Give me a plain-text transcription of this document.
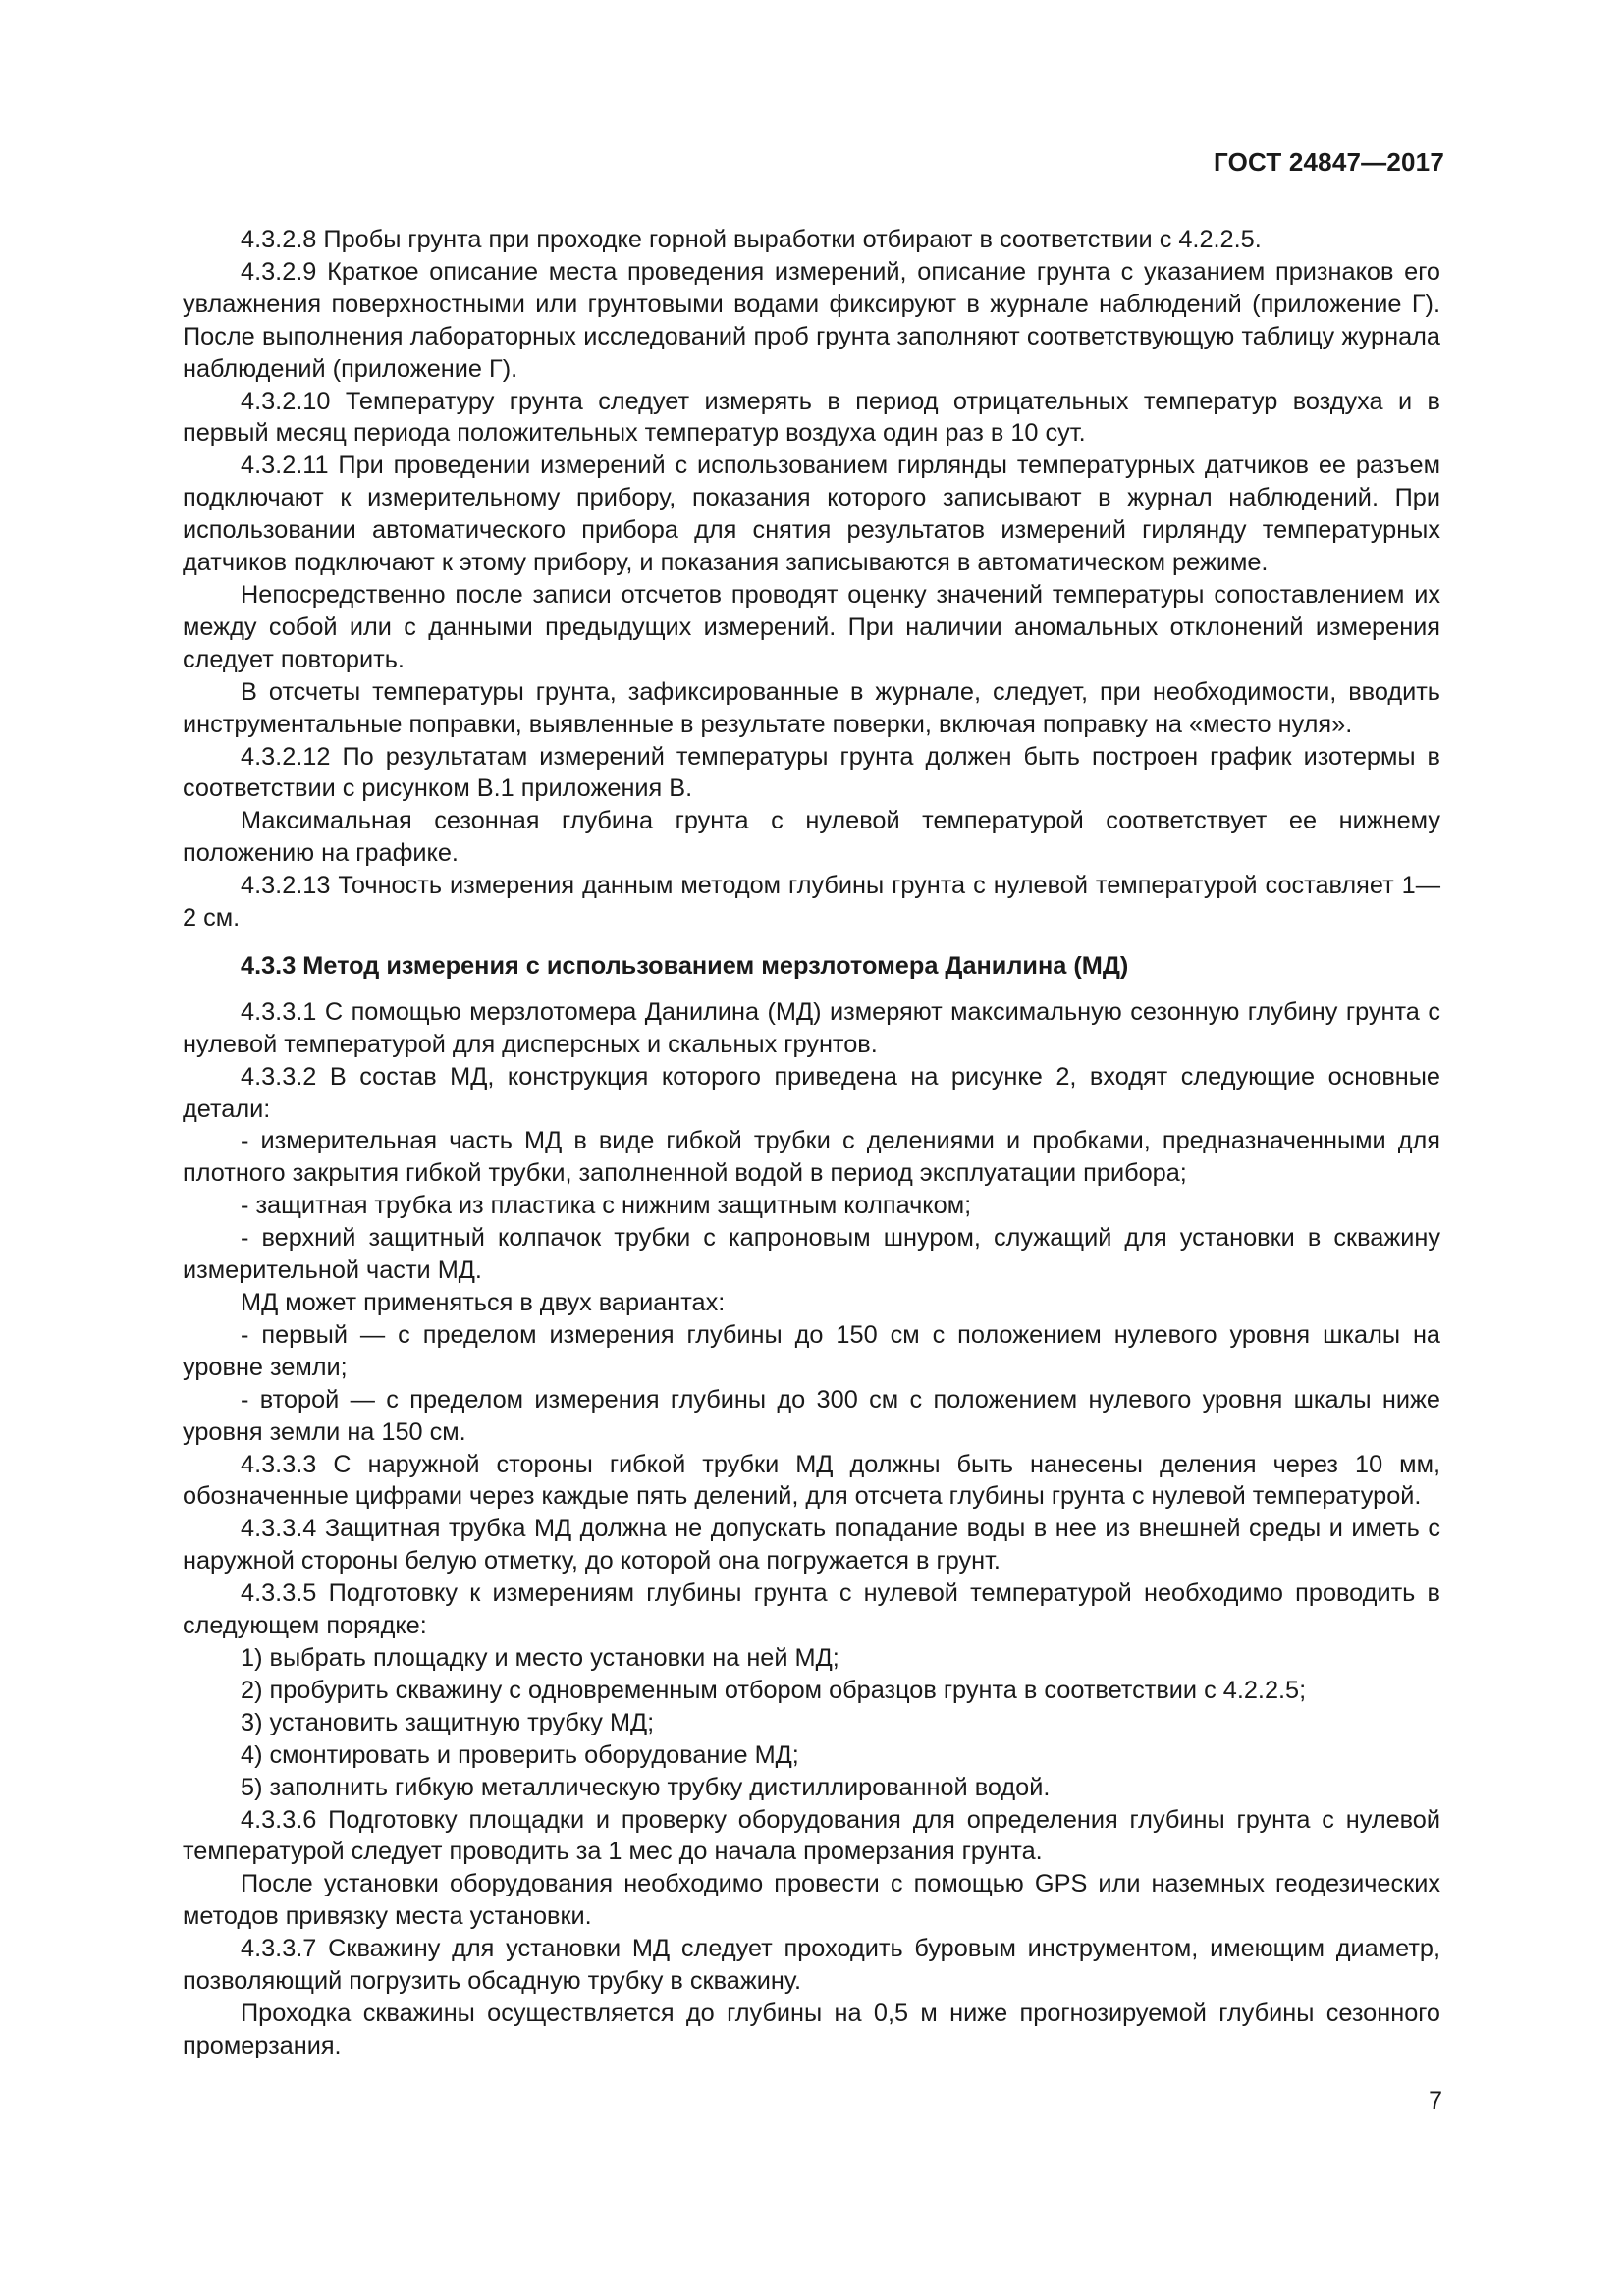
ГОСТ 24847—2017

4.3.2.8 Пробы грунта при проходке горной выработки отбирают в соответствии с 4.2.2.5.

4.3.2.9 Краткое описание места проведения измерений, описание грунта с указанием признаков его увлажнения поверхностными или грунтовыми водами фиксируют в журнале наблюдений (приложение Г). После выполнения лабораторных исследований проб грунта заполняют соответствующую таблицу журнала наблюдений (приложение Г).

4.3.2.10 Температуру грунта следует измерять в период отрицательных температур воздуха и в первый месяц периода положительных температур воздуха один раз в 10 сут.

4.3.2.11 При проведении измерений с использованием гирлянды температурных датчиков ее разъем подключают к измерительному прибору, показания которого записывают в журнал наблюдений. При использовании автоматического прибора для снятия результатов измерений гирлянду температурных датчиков подключают к этому прибору, и показания записываются в автоматическом режиме.

Непосредственно после записи отсчетов проводят оценку значений температуры сопоставлением их между собой или с данными предыдущих измерений. При наличии аномальных отклонений измерения следует повторить.

В отсчеты температуры грунта, зафиксированные в журнале, следует, при необходимости, вводить инструментальные поправки, выявленные в результате поверки, включая поправку на «место нуля».

4.3.2.12 По результатам измерений температуры грунта должен быть построен график изотермы в соответствии с рисунком В.1 приложения В.

Максимальная сезонная глубина грунта с нулевой температурой соответствует ее нижнему положению на графике.

4.3.2.13 Точность измерения данным методом глубины грунта с нулевой температурой составляет 1—2 см.

4.3.3 Метод измерения с использованием мерзлотомера Данилина (МД)

4.3.3.1 С помощью мерзлотомера Данилина (МД) измеряют максимальную сезонную глубину грунта с нулевой температурой для дисперсных и скальных грунтов.

4.3.3.2 В состав МД, конструкция которого приведена на рисунке 2, входят следующие основные детали:

- измерительная часть МД в виде гибкой трубки с делениями и пробками, предназначенными для плотного закрытия гибкой трубки, заполненной водой в период эксплуатации прибора;

- защитная трубка из пластика с нижним защитным колпачком;

- верхний защитный колпачок трубки с капроновым шнуром, служащий для установки в скважину измерительной части МД.

МД может применяться в двух вариантах:

- первый — с пределом измерения глубины до 150 см с положением нулевого уровня шкалы на уровне земли;

- второй — с пределом измерения глубины до 300 см с положением нулевого уровня шкалы ниже уровня земли на 150 см.

4.3.3.3 С наружной стороны гибкой трубки МД должны быть нанесены деления через 10 мм, обозначенные цифрами через каждые пять делений, для отсчета глубины грунта с нулевой температурой.

4.3.3.4 Защитная трубка МД должна не допускать попадание воды в нее из внешней среды и иметь с наружной стороны белую отметку, до которой она погружается в грунт.

4.3.3.5 Подготовку к измерениям глубины грунта с нулевой температурой необходимо проводить в следующем порядке:

1) выбрать площадку и место установки на ней МД;

2) пробурить скважину с одновременным отбором образцов грунта в соответствии с 4.2.2.5;

3) установить защитную трубку МД;

4) смонтировать и проверить оборудование МД;

5) заполнить гибкую металлическую трубку дистиллированной водой.

4.3.3.6 Подготовку площадки и проверку оборудования для определения глубины грунта с нулевой температурой следует проводить за 1 мес до начала промерзания грунта.

После установки оборудования необходимо провести с помощью GPS или наземных геодезических методов привязку места установки.

4.3.3.7 Скважину для установки МД следует проходить буровым инструментом, имеющим диаметр, позволяющий погрузить обсадную трубку в скважину.

Проходка скважины осуществляется до глубины на 0,5 м ниже прогнозируемой глубины сезонного промерзания.

7
